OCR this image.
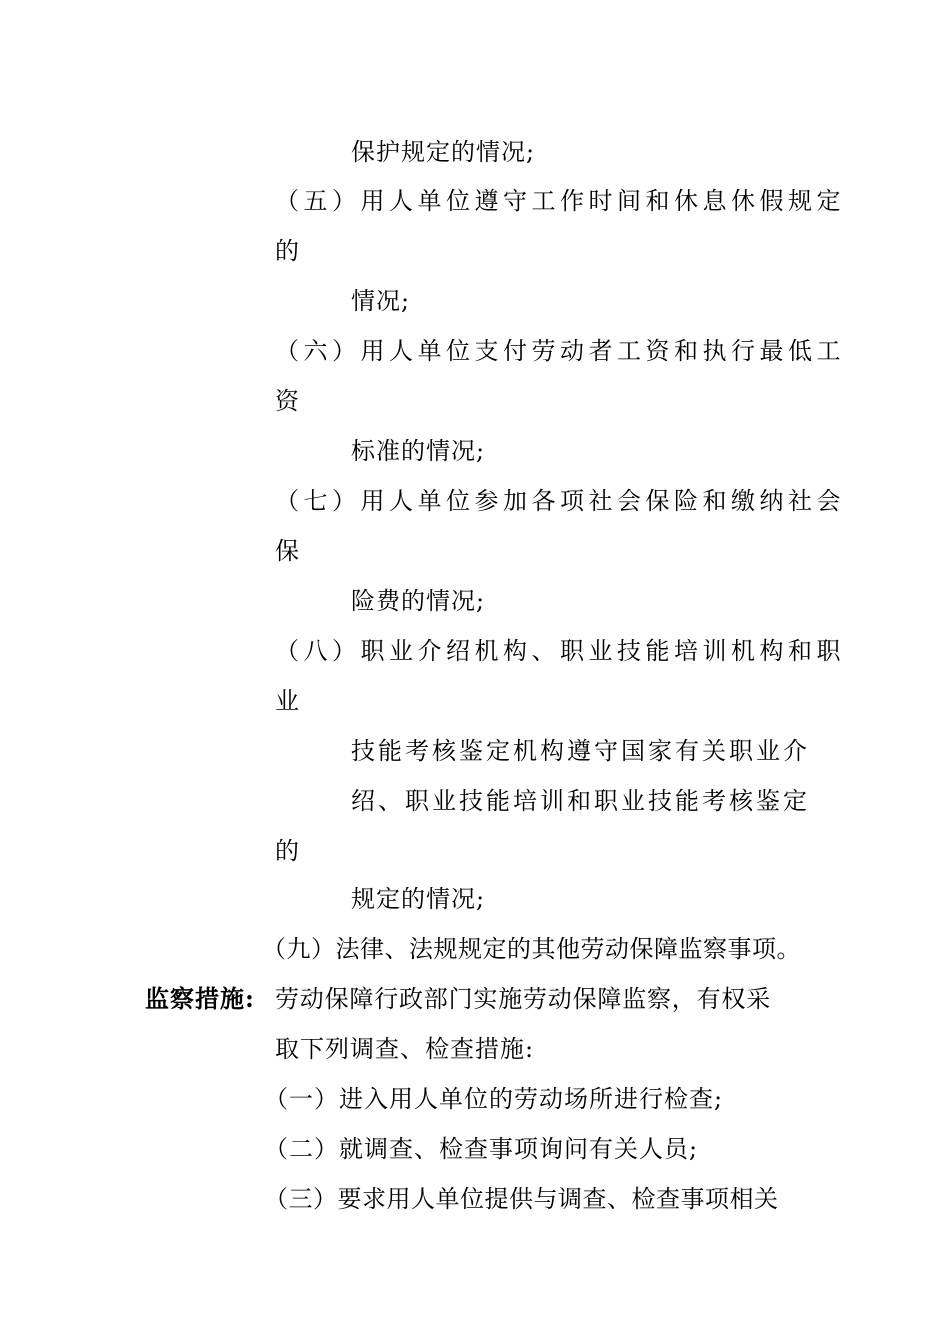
保护规定的情况;
（五）用人单位遵守工作时间和休息休假规定
的
情况;
（六）用人单位支付劳动者工资和执行最低工
资
标准的情况;
（七）用人单位参加各项社会保险和缴纳社会
保
险费的情况;
（八）职业介绍机构、职业技能培训机构和职
业
技能考核鉴定机构遵守国家有关职业介
绍、职业技能培训和职业技能考核鉴定
的
规定的情况;
（九）法律、法规规定的其他劳动保障监察事项。
监察措施: 劳动保障行政部门实施劳动保障监察，有权采
取下列调查、检查措施:
（一）进入用人单位的劳动场所进行检查;
（二）就调查、检查事项询问有关人员;
（三）要求用人单位提供与调查、检查事项相关
